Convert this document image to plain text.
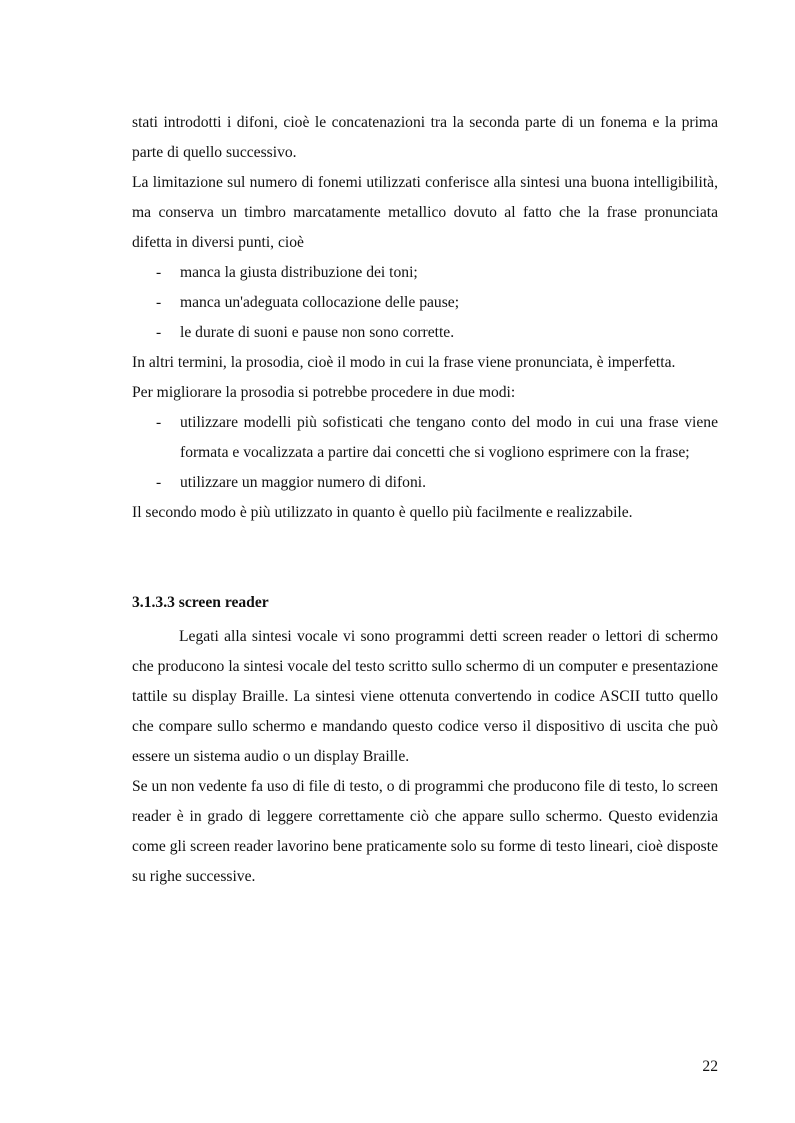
stati introdotti i difoni, cioè le concatenazioni tra la seconda parte di un fonema e la prima parte di quello successivo.

La limitazione sul numero di fonemi utilizzati conferisce alla sintesi una buona intelligibilità, ma conserva un timbro marcatamente metallico dovuto al fatto che la frase pronunciata difetta in diversi punti, cioè

- manca la giusta distribuzione dei toni;
- manca un'adeguata collocazione delle pause;
- le durate di suoni e pause non sono corrette.

In altri termini, la prosodia, cioè il modo in cui la frase viene pronunciata, è imperfetta.

Per migliorare la prosodia si potrebbe procedere in due modi:

- utilizzare modelli più sofisticati che tengano conto del modo in cui una frase viene formata e vocalizzata a partire dai concetti che si vogliono esprimere con la frase;
- utilizzare un maggior numero di difoni.

Il secondo modo è più utilizzato in quanto è quello più facilmente e realizzabile.

3.1.3.3 screen reader

Legati alla sintesi vocale vi sono programmi detti screen reader o lettori di schermo che producono la sintesi vocale del testo scritto sullo schermo di un computer e presentazione tattile su display Braille. La sintesi viene ottenuta convertendo in codice ASCII tutto quello che compare sullo schermo e mandando questo codice verso il dispositivo di uscita che può essere un sistema audio o un display Braille.

Se un non vedente fa uso di file di testo, o di programmi che producono file di testo, lo screen reader è in grado di leggere correttamente ciò che appare sullo schermo. Questo evidenzia come gli screen reader lavorino bene praticamente solo su forme di testo lineari, cioè disposte su righe successive.

22
